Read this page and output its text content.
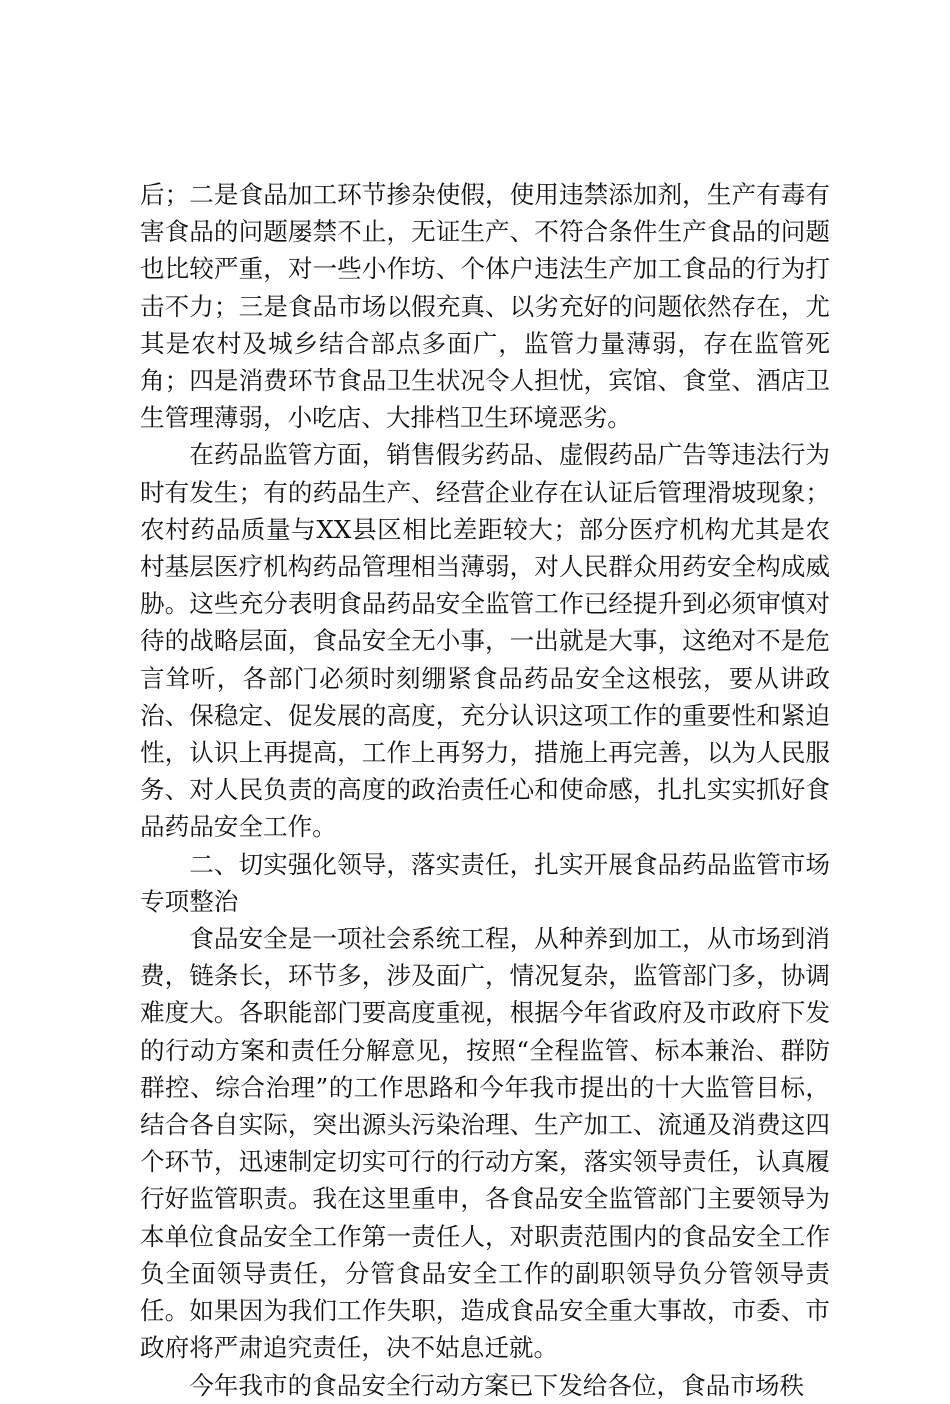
后；二是食品加工环节掺杂使假，使用违禁添加剂，生产有毒有害食品的问题屡禁不止，无证生产、不符合条件生产食品的问题也比较严重，对一些小作坊、个体户违法生产加工食品的行为打击不力；三是食品市场以假充真、以劣充好的问题依然存在，尤其是农村及城乡结合部点多面广，监管力量薄弱，存在监管死角；四是消费环节食品卫生状况令人担忧，宾馆、食堂、酒店卫生管理薄弱，小吃店、大排档卫生环境恶劣。

在药品监管方面，销售假劣药品、虚假药品广告等违法行为时有发生；有的药品生产、经营企业存在认证后管理滑坡现象；农村药品质量与XX县区相比差距较大；部分医疗机构尤其是农村基层医疗机构药品管理相当薄弱，对人民群众用药安全构成威胁。这些充分表明食品药品安全监管工作已经提升到必须审慎对待的战略层面，食品安全无小事，一出就是大事，这绝对不是危言耸听，各部门必须时刻绷紧食品药品安全这根弦，要从讲政治、保稳定、促发展的高度，充分认识这项工作的重要性和紧迫性，认识上再提高，工作上再努力，措施上再完善，以为人民服务、对人民负责的高度的政治责任心和使命感，扎扎实实抓好食品药品安全工作。

二、切实强化领导，落实责任，扎实开展食品药品监管市场专项整治

食品安全是一项社会系统工程，从种养到加工，从市场到消费，链条长，环节多，涉及面广，情况复杂，监管部门多，协调难度大。各职能部门要高度重视，根据今年省政府及市政府下发的行动方案和责任分解意见，按照“全程监管、标本兼治、群防群控、综合治理”的工作思路和今年我市提出的十大监管目标，结合各自实际，突出源头污染治理、生产加工、流通及消费这四个环节，迅速制定切实可行的行动方案，落实领导责任，认真履行好监管职责。我在这里重申，各食品安全监管部门主要领导为本单位食品安全工作第一责任人，对职责范围内的食品安全工作负全面领导责任，分管食品安全工作的副职领导负分管领导责任。如果因为我们工作失职，造成食品安全重大事故，市委、市政府将严肃追究责任，决不姑息迁就。

今年我市的食品安全行动方案已下发给各位，食品市场秩
